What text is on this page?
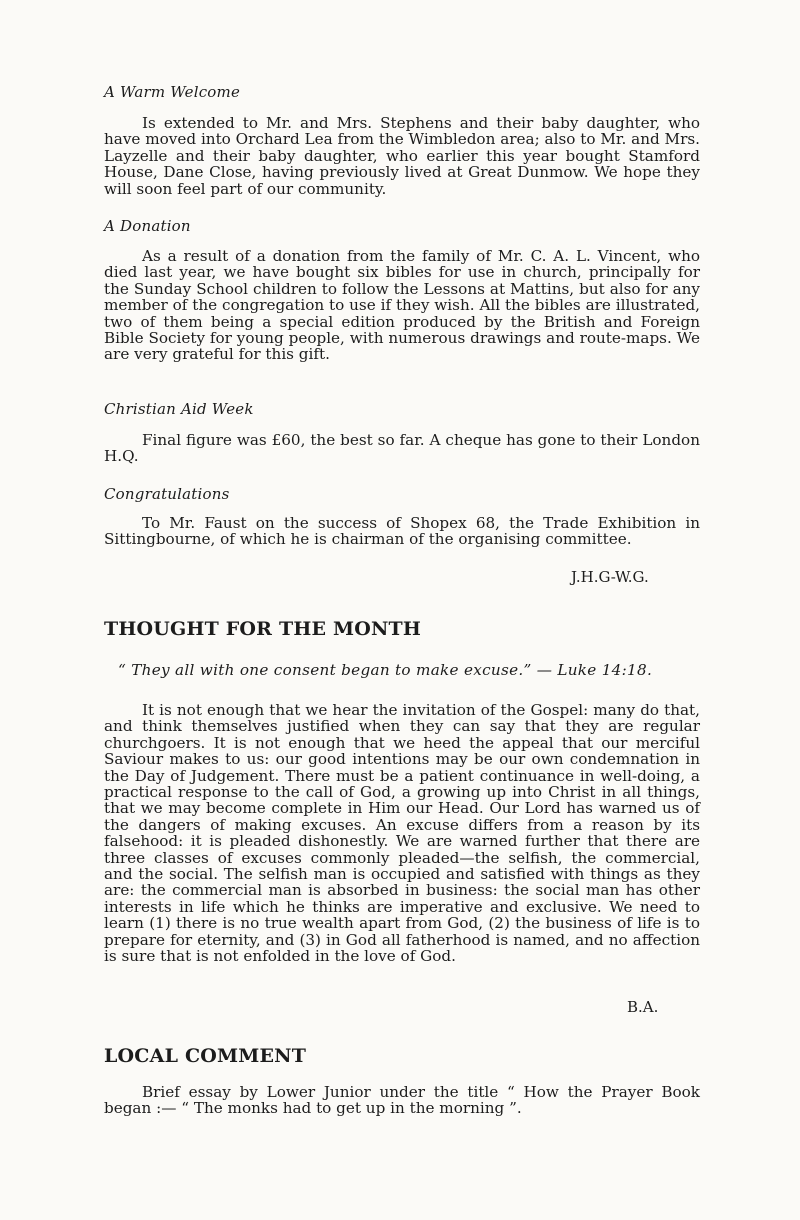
A Warm Welcome

Is extended to Mr. and Mrs. Stephens and their baby daughter, who have moved into Orchard Lea from the Wimbledon area; also to Mr. and Mrs. Layzelle and their baby daughter, who earlier this year bought Stamford House, Dane Close, having previously lived at Great Dunmow. We hope they will soon feel part of our community.

A Donation

As a result of a donation from the family of Mr. C. A. L. Vincent, who died last year, we have bought six bibles for use in church, principally for the Sunday School children to follow the Lessons at Mattins, but also for any member of the congregation to use if they wish. All the bibles are illustrated, two of them being a special edition produced by the British and Foreign Bible Society for young people, with numerous drawings and route-maps. We are very grateful for this gift.

Christian Aid Week

Final figure was £60, the best so far. A cheque has gone to their London H.Q.

Congratulations

To Mr. Faust on the success of Shopex 68, the Trade Exhibition in Sittingbourne, of which he is chairman of the organising committee.

J.H.G-W.G.
THOUGHT FOR THE MONTH
“ They all with one consent began to make excuse.” — Luke 14:18.

It is not enough that we hear the invitation of the Gospel: many do that, and think themselves justified when they can say that they are regular churchgoers. It is not enough that we heed the appeal that our merciful Saviour makes to us: our good intentions may be our own condemnation in the Day of Judgement. There must be a patient continuance in well-doing, a practical response to the call of God, a growing up into Christ in all things, that we may become complete in Him our Head. Our Lord has warned us of the dangers of making excuses. An excuse differs from a reason by its falsehood: it is pleaded dishonestly. We are warned further that there are three classes of excuses commonly pleaded—the selfish, the commercial, and the social. The selfish man is occupied and satisfied with things as they are: the commercial man is absorbed in business: the social man has other interests in life which he thinks are imperative and exclusive. We need to learn (1) there is no true wealth apart from God, (2) the business of life is to prepare for eternity, and (3) in God all fatherhood is named, and no affection is sure that is not enfolded in the love of God.

B.A.
LOCAL COMMENT

Brief essay by Lower Junior under the title “ How the Prayer Book began :— “ The monks had to get up in the morning ”.
